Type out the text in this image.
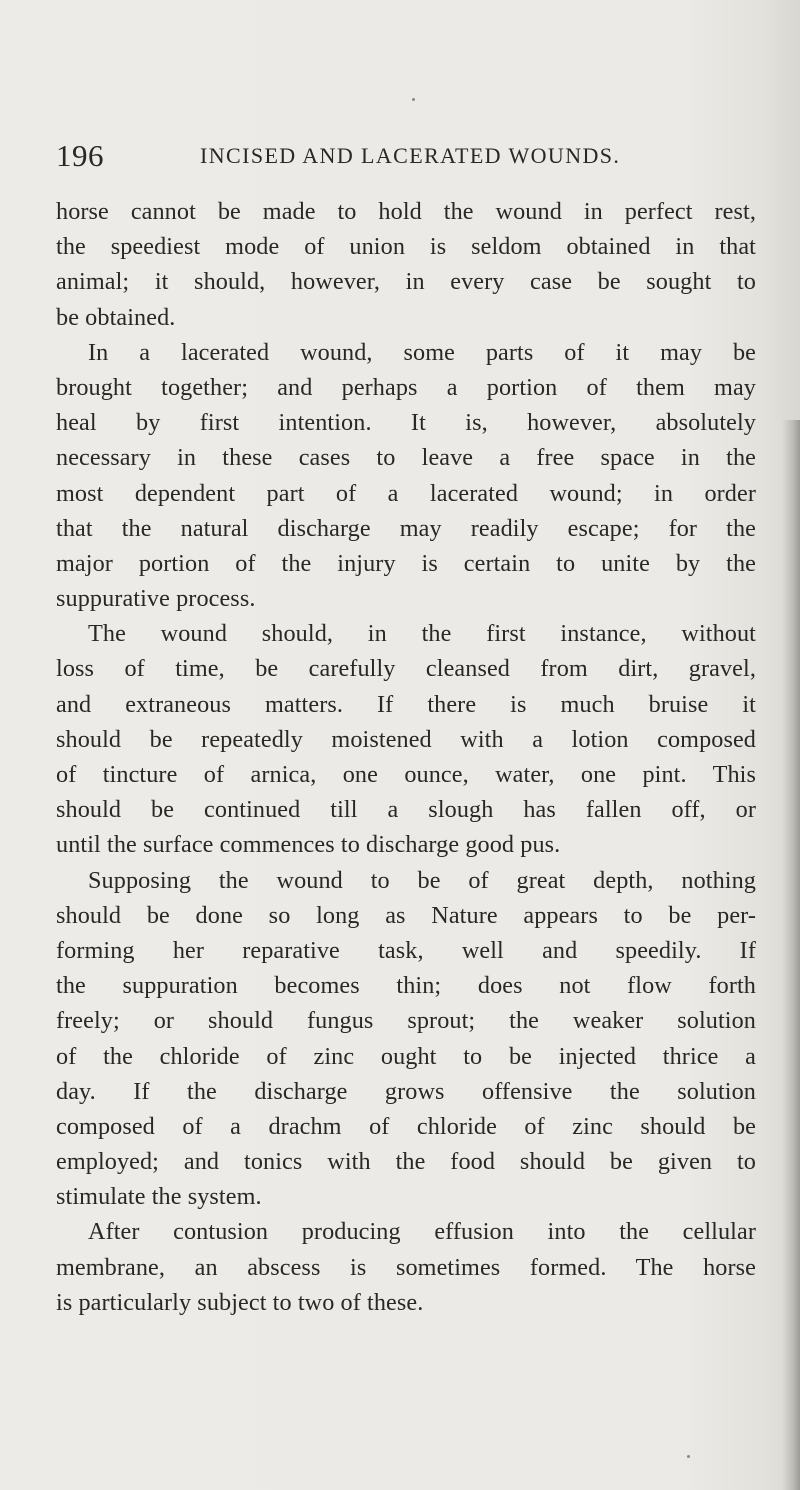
196	INCISED AND LACERATED WOUNDS.
horse cannot be made to hold the wound in perfect rest,
the speediest mode of union is seldom obtained in that
animal; it should, however, in every case be sought to
be obtained.
In a lacerated wound, some parts of it may be
brought together; and perhaps a portion of them may
heal by first intention. It is, however, absolutely
necessary in these cases to leave a free space in the
most dependent part of a lacerated wound; in order
that the natural discharge may readily escape; for the
major portion of the injury is certain to unite by the
suppurative process.
The wound should, in the first instance, without
loss of time, be carefully cleansed from dirt, gravel,
and extraneous matters. If there is much bruise it
should be repeatedly moistened with a lotion composed
of tincture of arnica, one ounce, water, one pint. This
should be continued till a slough has fallen off, or
until the surface commences to discharge good pus.
Supposing the wound to be of great depth, nothing
should be done so long as Nature appears to be per-
forming her reparative task, well and speedily. If
the suppuration becomes thin; does not flow forth
freely; or should fungus sprout; the weaker solution
of the chloride of zinc ought to be injected thrice a
day. If the discharge grows offensive the solution
composed of a drachm of chloride of zinc should be
employed; and tonics with the food should be given to
stimulate the system.
After contusion producing effusion into the cellular
membrane, an abscess is sometimes formed. The horse
is particularly subject to two of these.
